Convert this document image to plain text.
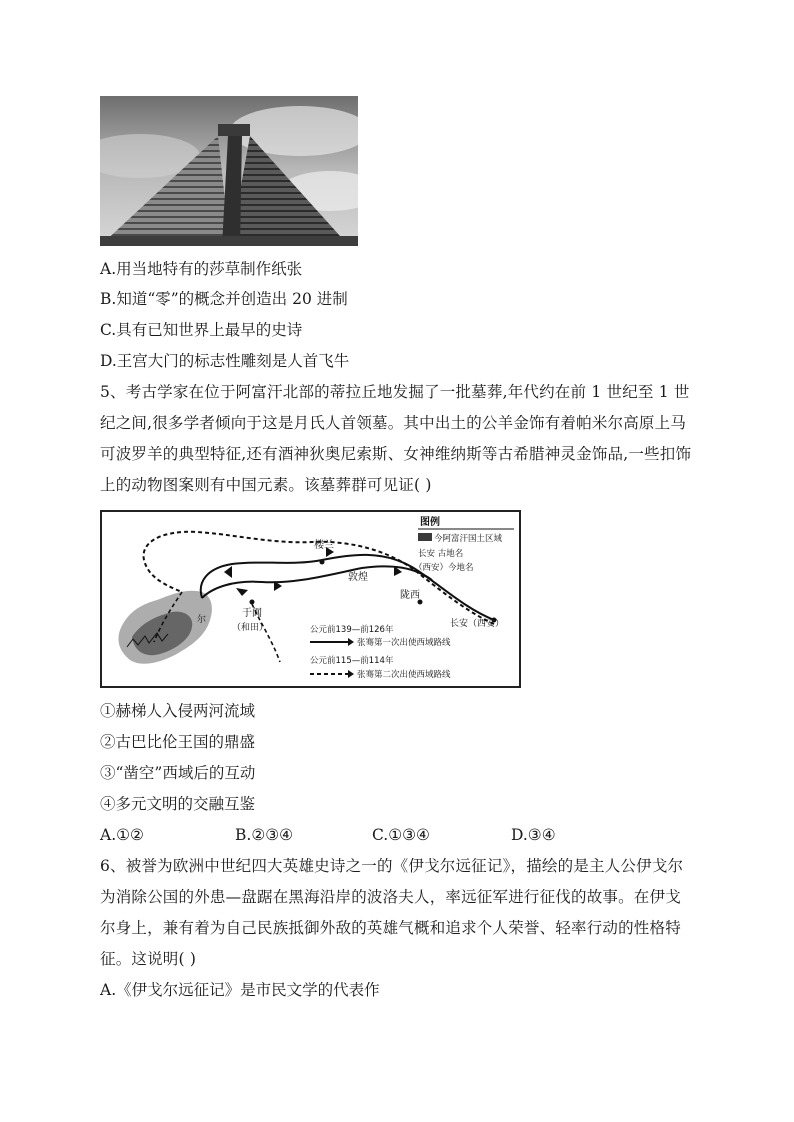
A.用当地特有的莎草制作纸张
B.知道“零”的概念并创造出 20 进制
C.具有已知世界上最早的史诗
D.王宫大门的标志性雕刻是人首飞牛
5、考古学家在位于阿富汗北部的蒂拉丘地发掘了一批墓葬,年代约在前 1 世纪至 1 世
纪之间,很多学者倾向于这是月氏人首领墓。其中出土的公羊金饰有着帕米尔高原上马
可波罗羊的典型特征,还有酒神狄奥尼索斯、女神维纳斯等古希腊神灵金饰品,一些扣饰
上的动物图案则有中国元素。该墓葬群可见证( )
楼兰
敦煌
陇西
长安（西安）
于阗
（和田）
尔
图例
今阿富汗国土区域
长安 古地名
（西安）今地名
公元前139—前126年
张骞第一次出使西域路线
公元前115—前114年
张骞第二次出使西域路线
①赫梯人入侵两河流域
②古巴比伦王国的鼎盛
③“凿空”西域后的互动
④多元文明的交融互鉴
A.①②	B.②③④	C.①③④	D.③④
6、被誉为欧洲中世纪四大英雄史诗之一的《伊戈尔远征记》，描绘的是主人公伊戈尔
为消除公国的外患—盘踞在黑海沿岸的波洛夫人，率远征军进行征伐的故事。在伊戈
尔身上，兼有着为自己民族抵御外敌的英雄气概和追求个人荣誉、轻率行动的性格特
征。这说明( )
A.《伊戈尔远征记》是市民文学的代表作
